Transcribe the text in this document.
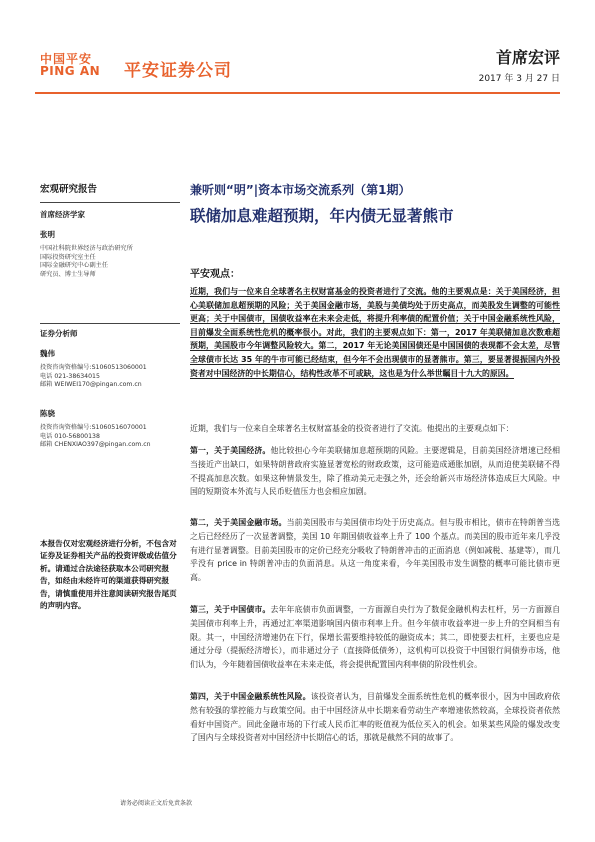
中国平安
PING AN 平安证券公司
首席宏评
2017 年 3 月 27 日
宏观研究报告
首席经济学家
张明
中国社科院世界经济与政治研究所
国际投资研究室主任
国际金融研究中心副主任
研究员、博士生导师
证券分析师
魏伟
投资咨询资格编号:S1060513060001
电话 021-38634015
邮箱 WEIWEI170@pingan.com.cn
陈骁
投资咨询资格编号:S1060516070001
电话 010-56800138
邮箱 CHENXIAO397@pingan.com.cn
本报告仅对宏观经济进行分析，不包含对证券及证券相关产品的投资评级或估值分析。请通过合法途径获取本公司研究报告，如经由未经许可的渠道获得研究报告，请慎重使用并注意阅读研究报告尾页的声明内容。
兼听则“明”|资本市场交流系列（第1期）
联储加息难超预期，年内债无显著熊市
平安观点：
近期，我们与一位来自全球著名主权财富基金的投资者进行了交流。他的主要观点是：关于美国经济，担心美联储加息超预期的风险；关于美国金融市场，美股与美债均处于历史高点，而美股发生调整的可能性更高；关于中国债市，国债收益率在未来会走低，将提升利率债的配置价值；关于中国金融系统性风险，目前爆发全面系统性危机的概率很小。对此，我们的主要观点如下：第一，2017 年美联储加息次数难超预期，美国股市今年调整风险较大。第二，2017 年无论美国国债还是中国国债的表现都不会太差，尽管全球债市长达 35 年的牛市可能已经结束，但今年不会出现债市的显著熊市。第三，要显著提振国内外投资者对中国经济的中长期信心，结构性改革不可或缺，这也是为什么举世瞩目十九大的原因。
近期，我们与一位来自全球著名主权财富基金的投资者进行了交流。他提出的主要观点如下：
第一，关于美国经济。他比较担心今年美联储加息超预期的风险。主要逻辑是，目前美国经济增速已经相当接近产出缺口，如果特朗普政府实施显著宽松的财政政策，这可能造成通胀加剧，从而迫使美联储不得不提高加息次数。如果这种情景发生，除了推动美元走强之外，还会给新兴市场经济体造成巨大风险。中国的短期资本外流与人民币贬值压力也会相应加剧。
第二，关于美国金融市场。当前美国股市与美国债市均处于历史高点。但与股市相比，债市在特朗普当选之后已经经历了一次显著调整，美国 10 年期国债收益率上升了 100 个基点。而美国的股市近年来几乎没有进行显著调整。目前美国股市的定价已经充分吸收了特朗普冲击的正面消息（例如减税、基建等），而几乎没有 price in 特朗普冲击的负面消息。从这一角度来看，今年美国股市发生调整的概率可能比债市更高。
第三，关于中国债市。去年年底债市负面调整，一方面源自央行为了数促金融机构去杠杆，另一方面源自美国债市利率上升，再通过汇率渠道影响国内债市利率上升。但今年债市收益率进一步上升的空间相当有限。其一，中国经济增速仍在下行，保增长需要维持较低的融资成本；其二，即使要去杠杆，主要也应是通过分母（提振经济增长），而非通过分子（直接降低债务），这机构可以投资于中国银行间债券市场，他们认为，今年随着国债收益率在未来走低，将会提供配置国内利率债的阶段性机会。
第四，关于中国金融系统性风险。该投资者认为，目前爆发全面系统性危机的概率很小，因为中国政府依然有较强的掌控能力与政策空间。由于中国经济从中长期来看劳动生产率增速依然较高，全球投资者依然看好中国资产。回此金融市场的下行或人民币汇率的贬值视为低位买入的机会。如果某些风险的爆发改变了国内与全球投资者对中国经济中长期信心的话，那就是截然不同的故事了。
请务必阅读正文后免责条款
